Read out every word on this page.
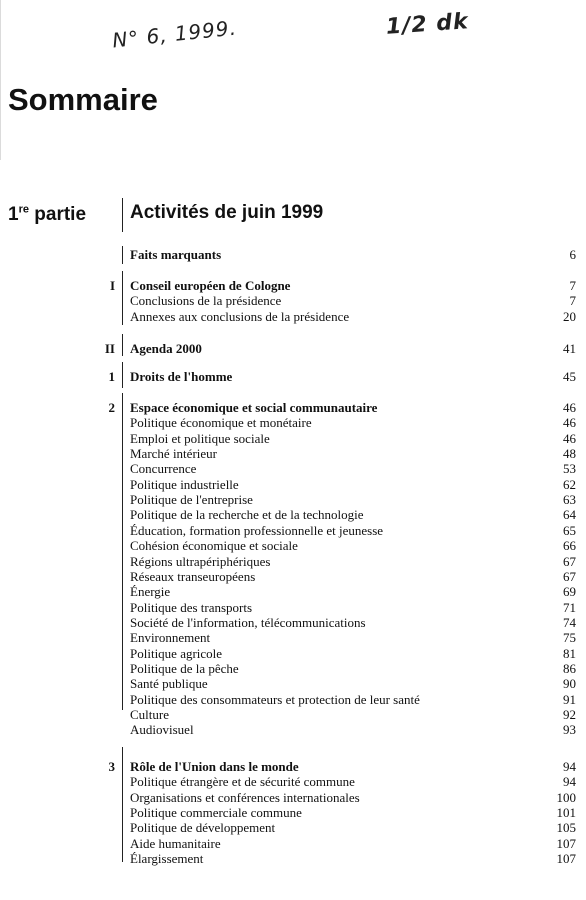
N° 6, 1999.	1/2 dk
Sommaire
1re partie Activités de juin 1999
Faits marquants	6
I Conseil européen de Cologne	7
Conclusions de la présidence	7
Annexes aux conclusions de la présidence	20
II Agenda 2000	41
1 Droits de l'homme	45
2 Espace économique et social communautaire	46
Politique économique et monétaire	46
Emploi et politique sociale	46
Marché intérieur	48
Concurrence	53
Politique industrielle	62
Politique de l'entreprise	63
Politique de la recherche et de la technologie	64
Éducation, formation professionnelle et jeunesse	65
Cohésion économique et sociale	66
Régions ultrapériphériques	67
Réseaux transeuropéens	67
Énergie	69
Politique des transports	71
Société de l'information, télécommunications	74
Environnement	75
Politique agricole	81
Politique de la pêche	86
Santé publique	90
Politique des consommateurs et protection de leur santé	91
Culture	92
Audiovisuel	93
3 Rôle de l'Union dans le monde	94
Politique étrangère et de sécurité commune	94
Organisations et conférences internationales	100
Politique commerciale commune	101
Politique de développement	105
Aide humanitaire	107
Élargissement	107
